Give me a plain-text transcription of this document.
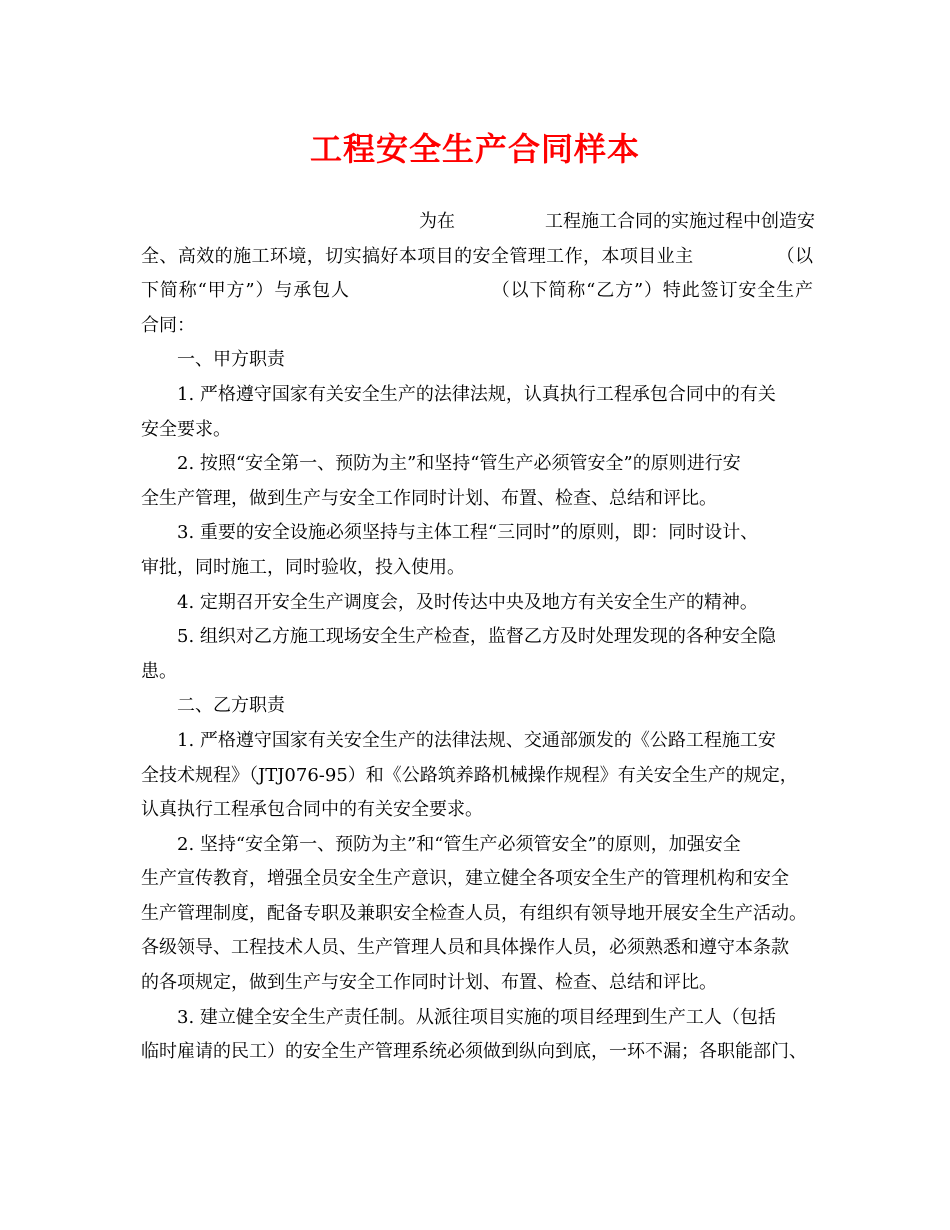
工程安全生产合同样本
为在　　　　　工程施工合同的实施过程中创造安
全、高效的施工环境，切实搞好本项目的安全管理工作，本项目业主　　　　　（以
下简称“甲方”）与承包人　　　　　　　　（以下简称“乙方”）特此签订安全生产
合同：
一、甲方职责
1. 严格遵守国家有关安全生产的法律法规，认真执行工程承包合同中的有关
安全要求。
2. 按照“安全第一、预防为主”和坚持“管生产必须管安全”的原则进行安
全生产管理，做到生产与安全工作同时计划、布置、检查、总结和评比。
3. 重要的安全设施必须坚持与主体工程“三同时”的原则，即：同时设计、
审批，同时施工，同时验收，投入使用。
4. 定期召开安全生产调度会，及时传达中央及地方有关安全生产的精神。
5. 组织对乙方施工现场安全生产检查，监督乙方及时处理发现的各种安全隐
患。
二、乙方职责
1. 严格遵守国家有关安全生产的法律法规、交通部颁发的《公路工程施工安
全技术规程》（JTJ076-95）和《公路筑养路机械操作规程》有关安全生产的规定，
认真执行工程承包合同中的有关安全要求。
2. 坚持“安全第一、预防为主”和“管生产必须管安全”的原则，加强安全
生产宣传教育，增强全员安全生产意识，建立健全各项安全生产的管理机构和安全
生产管理制度，配备专职及兼职安全检查人员，有组织有领导地开展安全生产活动。
各级领导、工程技术人员、生产管理人员和具体操作人员，必须熟悉和遵守本条款
的各项规定，做到生产与安全工作同时计划、布置、检查、总结和评比。
3. 建立健全安全生产责任制。从派往项目实施的项目经理到生产工人（包括
临时雇请的民工）的安全生产管理系统必须做到纵向到底，一环不漏；各职能部门、
